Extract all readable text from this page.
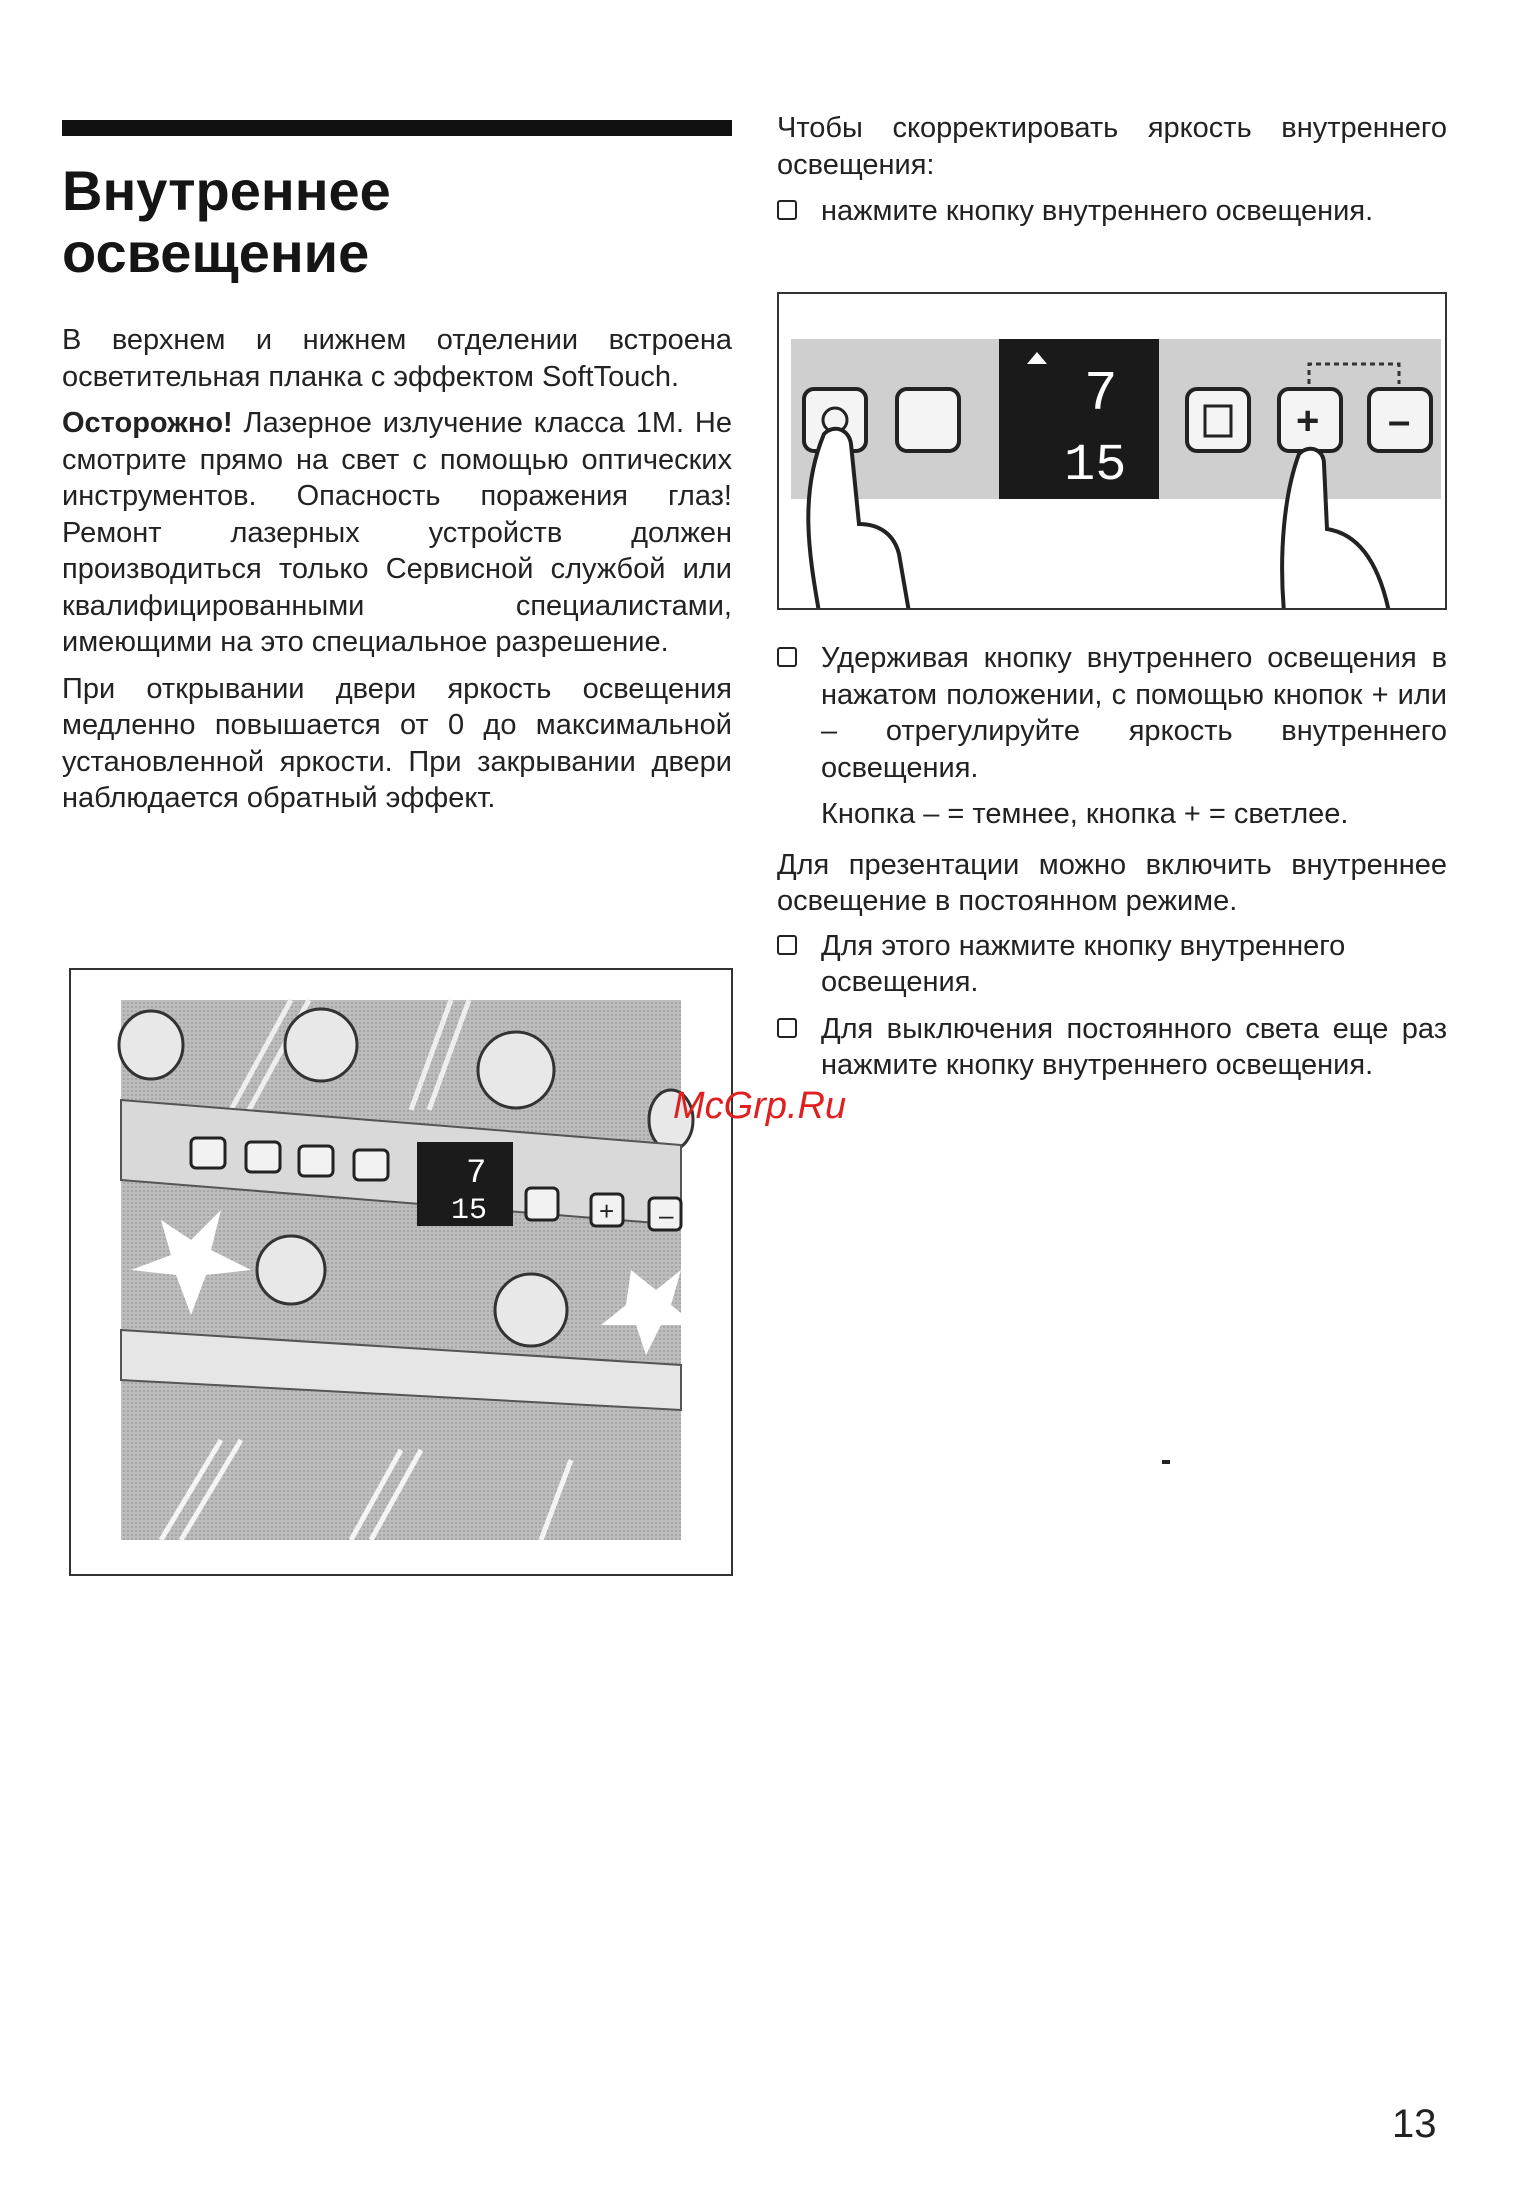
Внутреннее
освещение

В верхнем и нижнем отделении встроена осветительная планка с эффектом SoftTouch.

Осторожно! Лазерное излучение класса 1М. Не смотрите прямо на свет с помощью оптических инструментов. Опасность поражения глаз! Ремонт лазерных устройств должен производиться только Сервисной службой или квалифицированными специалистами, имеющими на это специальное разрешение.

При открывании двери яркость освещения медленно повышается от 0 до максимальной установленной яркости. При закрывании двери наблюдается обратный эффект.

7
15	+ –

Чтобы скорректировать яркость внутреннего освещения:

нажмите кнопку внутреннего освещения.

7
15
+ –

Удерживая кнопку внутреннего освещения в нажатом положении, с помощью кнопок + или – отрегулируйте яркость внутреннего освещения.

Кнопка – = темнее, кнопка + = светлее.

Для презентации можно включить внутреннее освещение в постоянном режиме.

Для этого нажмите кнопку внутреннего освещения.

Для выключения постоянного света еще раз нажмите кнопку внутреннего освещения.

McGrp.Ru
13
